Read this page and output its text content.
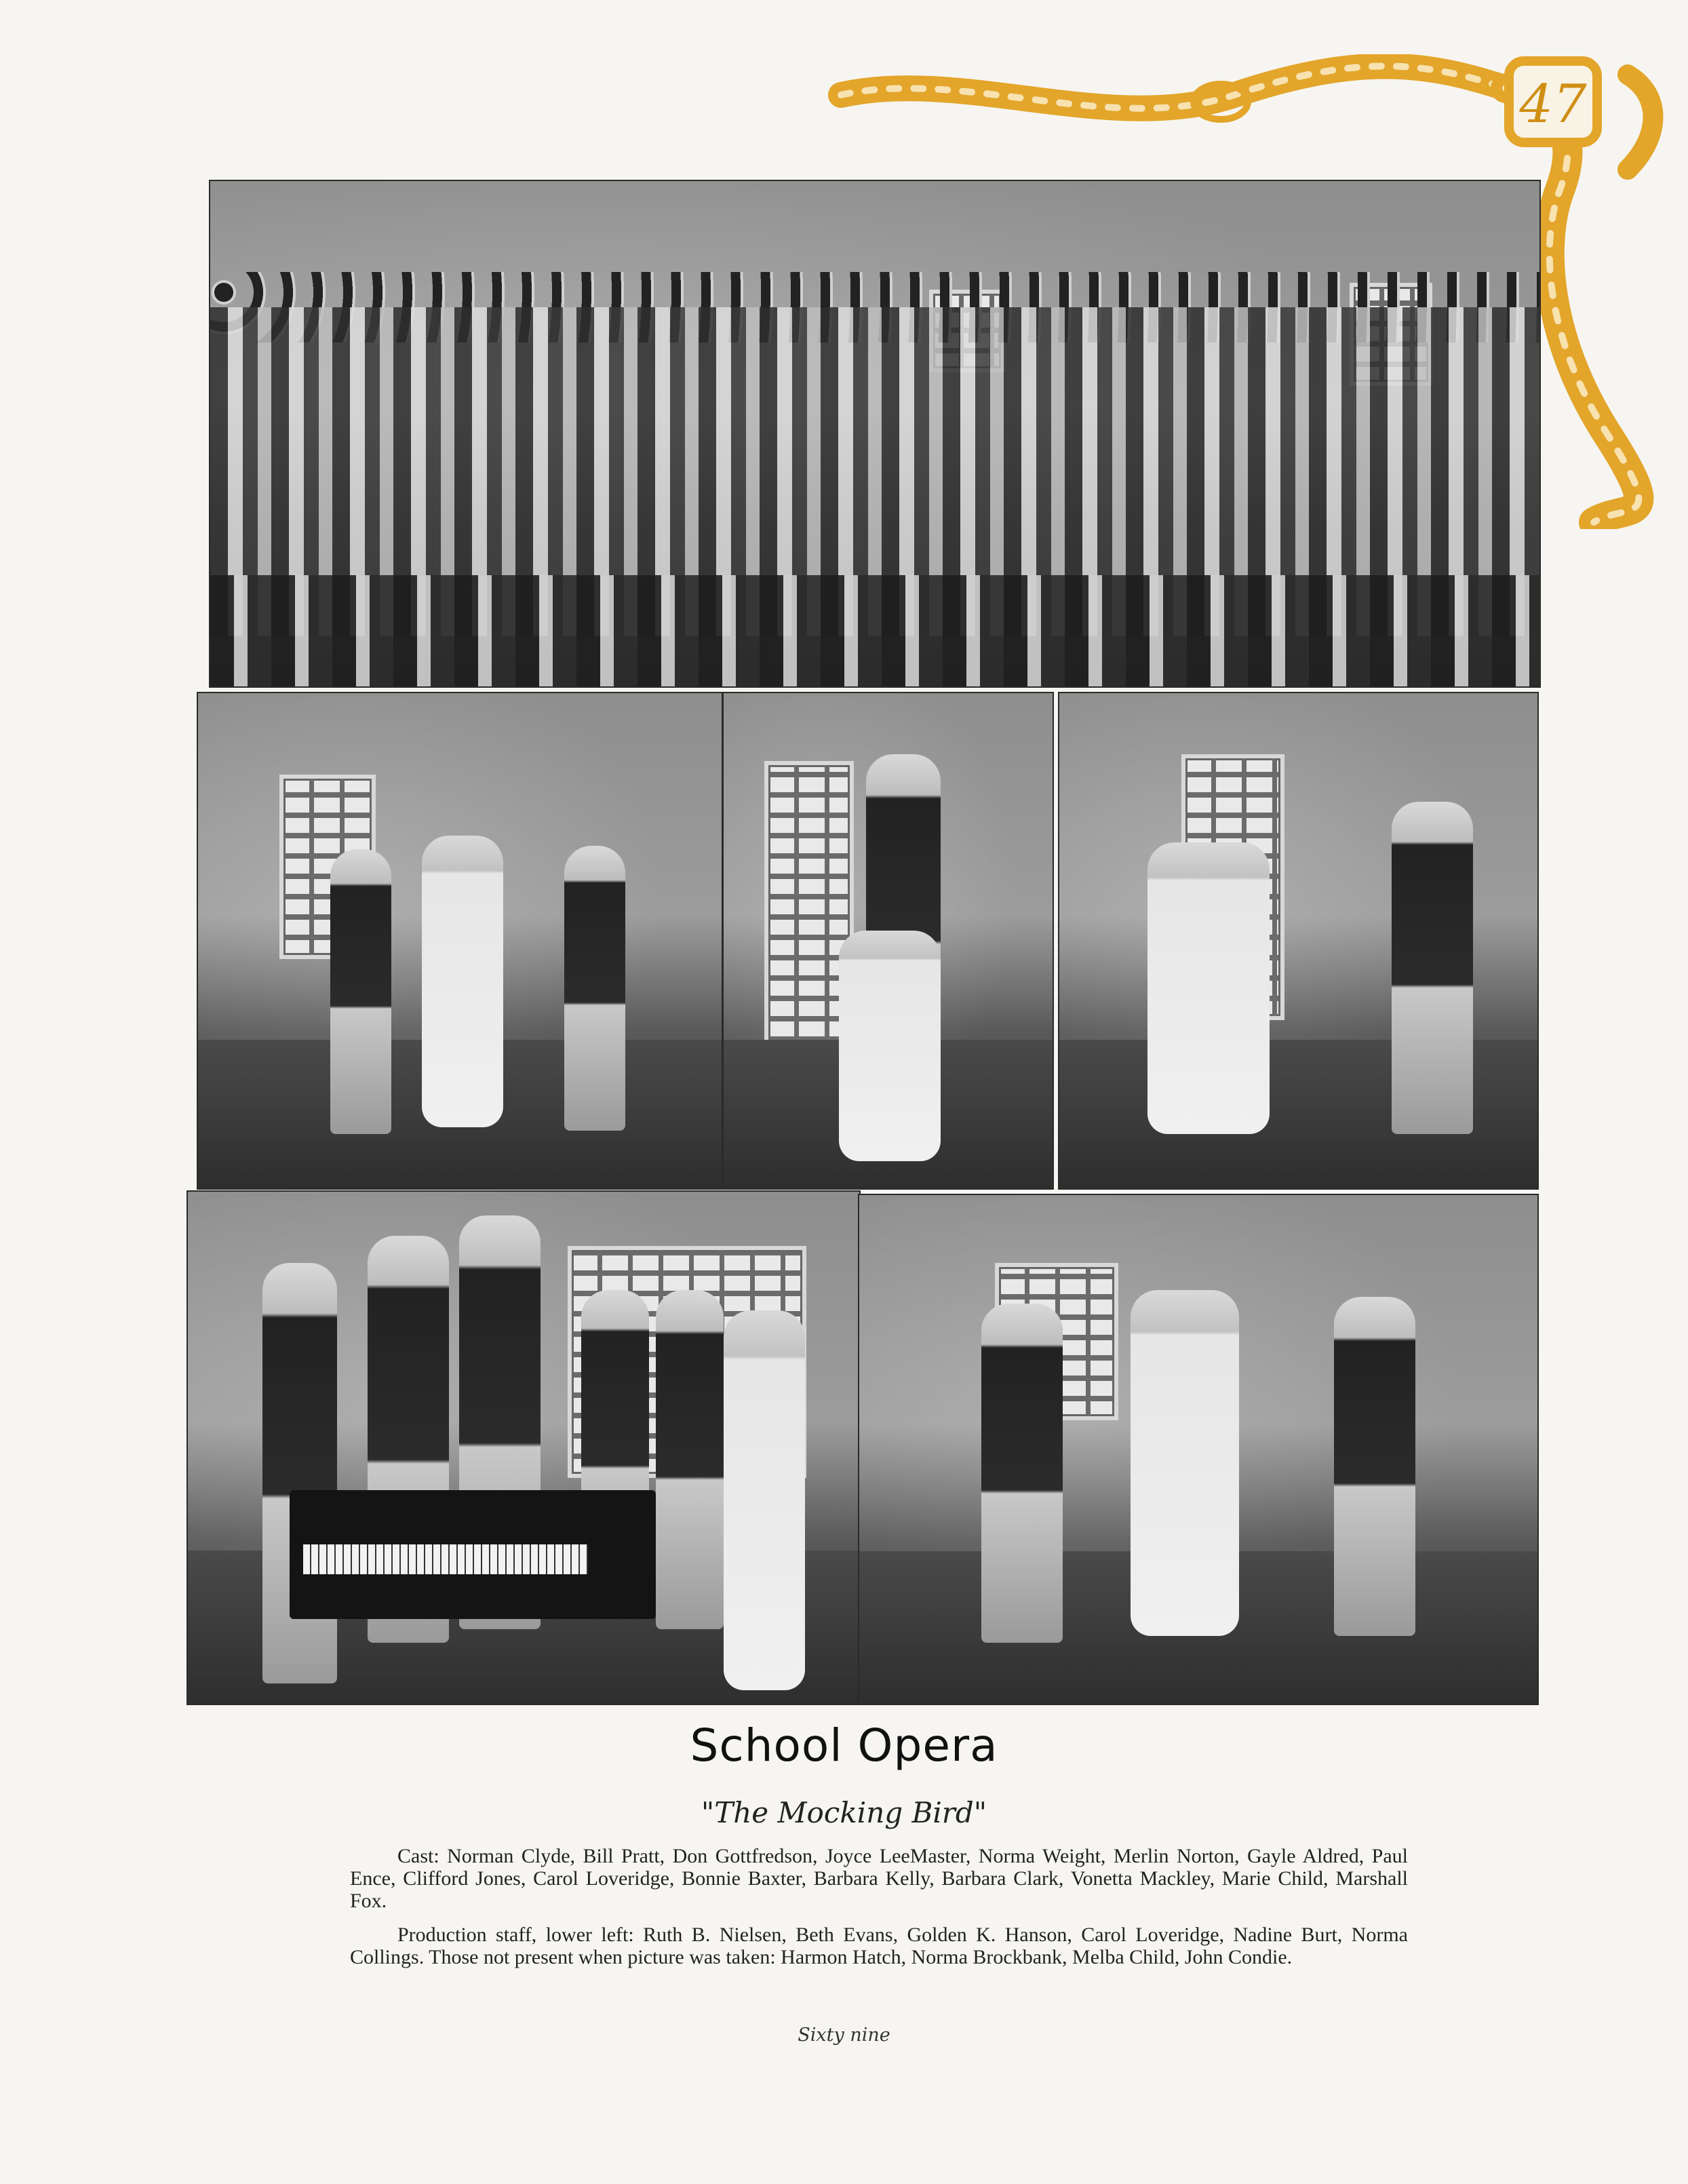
47
School Opera
"The Mocking Bird"
Cast: Norman Clyde, Bill Pratt, Don Gottfredson, Joyce LeeMaster, Norma Weight, Merlin Norton, Gayle Aldred, Paul Ence, Clifford Jones, Carol Loveridge, Bonnie Baxter, Barbara Kelly, Barbara Clark, Vonetta Mackley, Marie Child, Marshall Fox.
Production staff, lower left: Ruth B. Nielsen, Beth Evans, Golden K. Hanson, Carol Loveridge, Nadine Burt, Norma Collings. Those not present when picture was taken: Harmon Hatch, Norma Brockbank, Melba Child, John Condie.
Sixty nine
